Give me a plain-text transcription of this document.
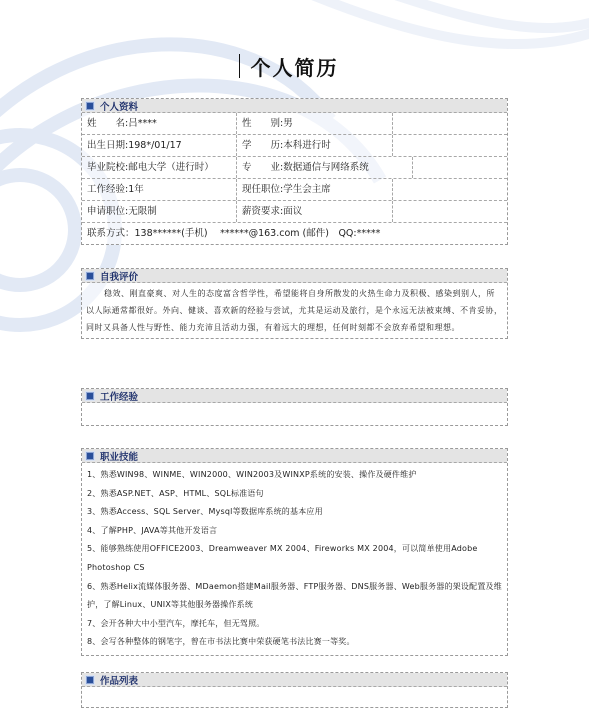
个人简历
个人资料
姓　　名:吕****	性　　别:男
出生日期:198*/01/17	学　　历:本科进行时
毕业院校:邮电大学（进行时）	专　　业:数据通信与网络系统
工作经验:1年	现任职位:学生会主席
申请职位:无限制	薪资要求:面议
联系方式：138******(手机)　 ******@163.com (邮件)　QQ:*****
自我评价
稳效、刚直豪爽、对人生的态度富含哲学性，希望能将自身所散发的火热生命力及积极、感染到别人，所以人际通常都很好。外向、健谈、喜欢新的经验与尝试，尤其是运动及旅行，是个永远无法被束缚、不肯妥协，同时又具备人性与野性、能力充沛且活动力强，有着远大的理想，任何时刻都不会放弃希望和理想。
工作经验
职业技能
1、熟悉WIN98、WINME、WIN2000、WIN2003及WINXP系统的安装、操作及硬件维护
2、熟悉ASP.NET、ASP、HTML、SQL标准语句
3、熟悉Access、SQL Server、Mysql等数据库系统的基本应用
4、了解PHP、JAVA等其他开发语言
5、能够熟练使用OFFICE2003、Dreamweaver MX 2004、Fireworks MX 2004，可以简单使用Adobe Photoshop CS
6、熟悉Helix流媒体服务器、MDaemon搭建Mail服务器、FTP服务器、DNS服务器、Web服务器的架设配置及维护，了解Linux、UNIX等其他服务器操作系统
7、会开各种大中小型汽车，摩托车，但无驾照。
8、会写各种整体的钢笔字，曾在市书法比赛中荣获硬笔书法比赛一等奖。
作品列表
